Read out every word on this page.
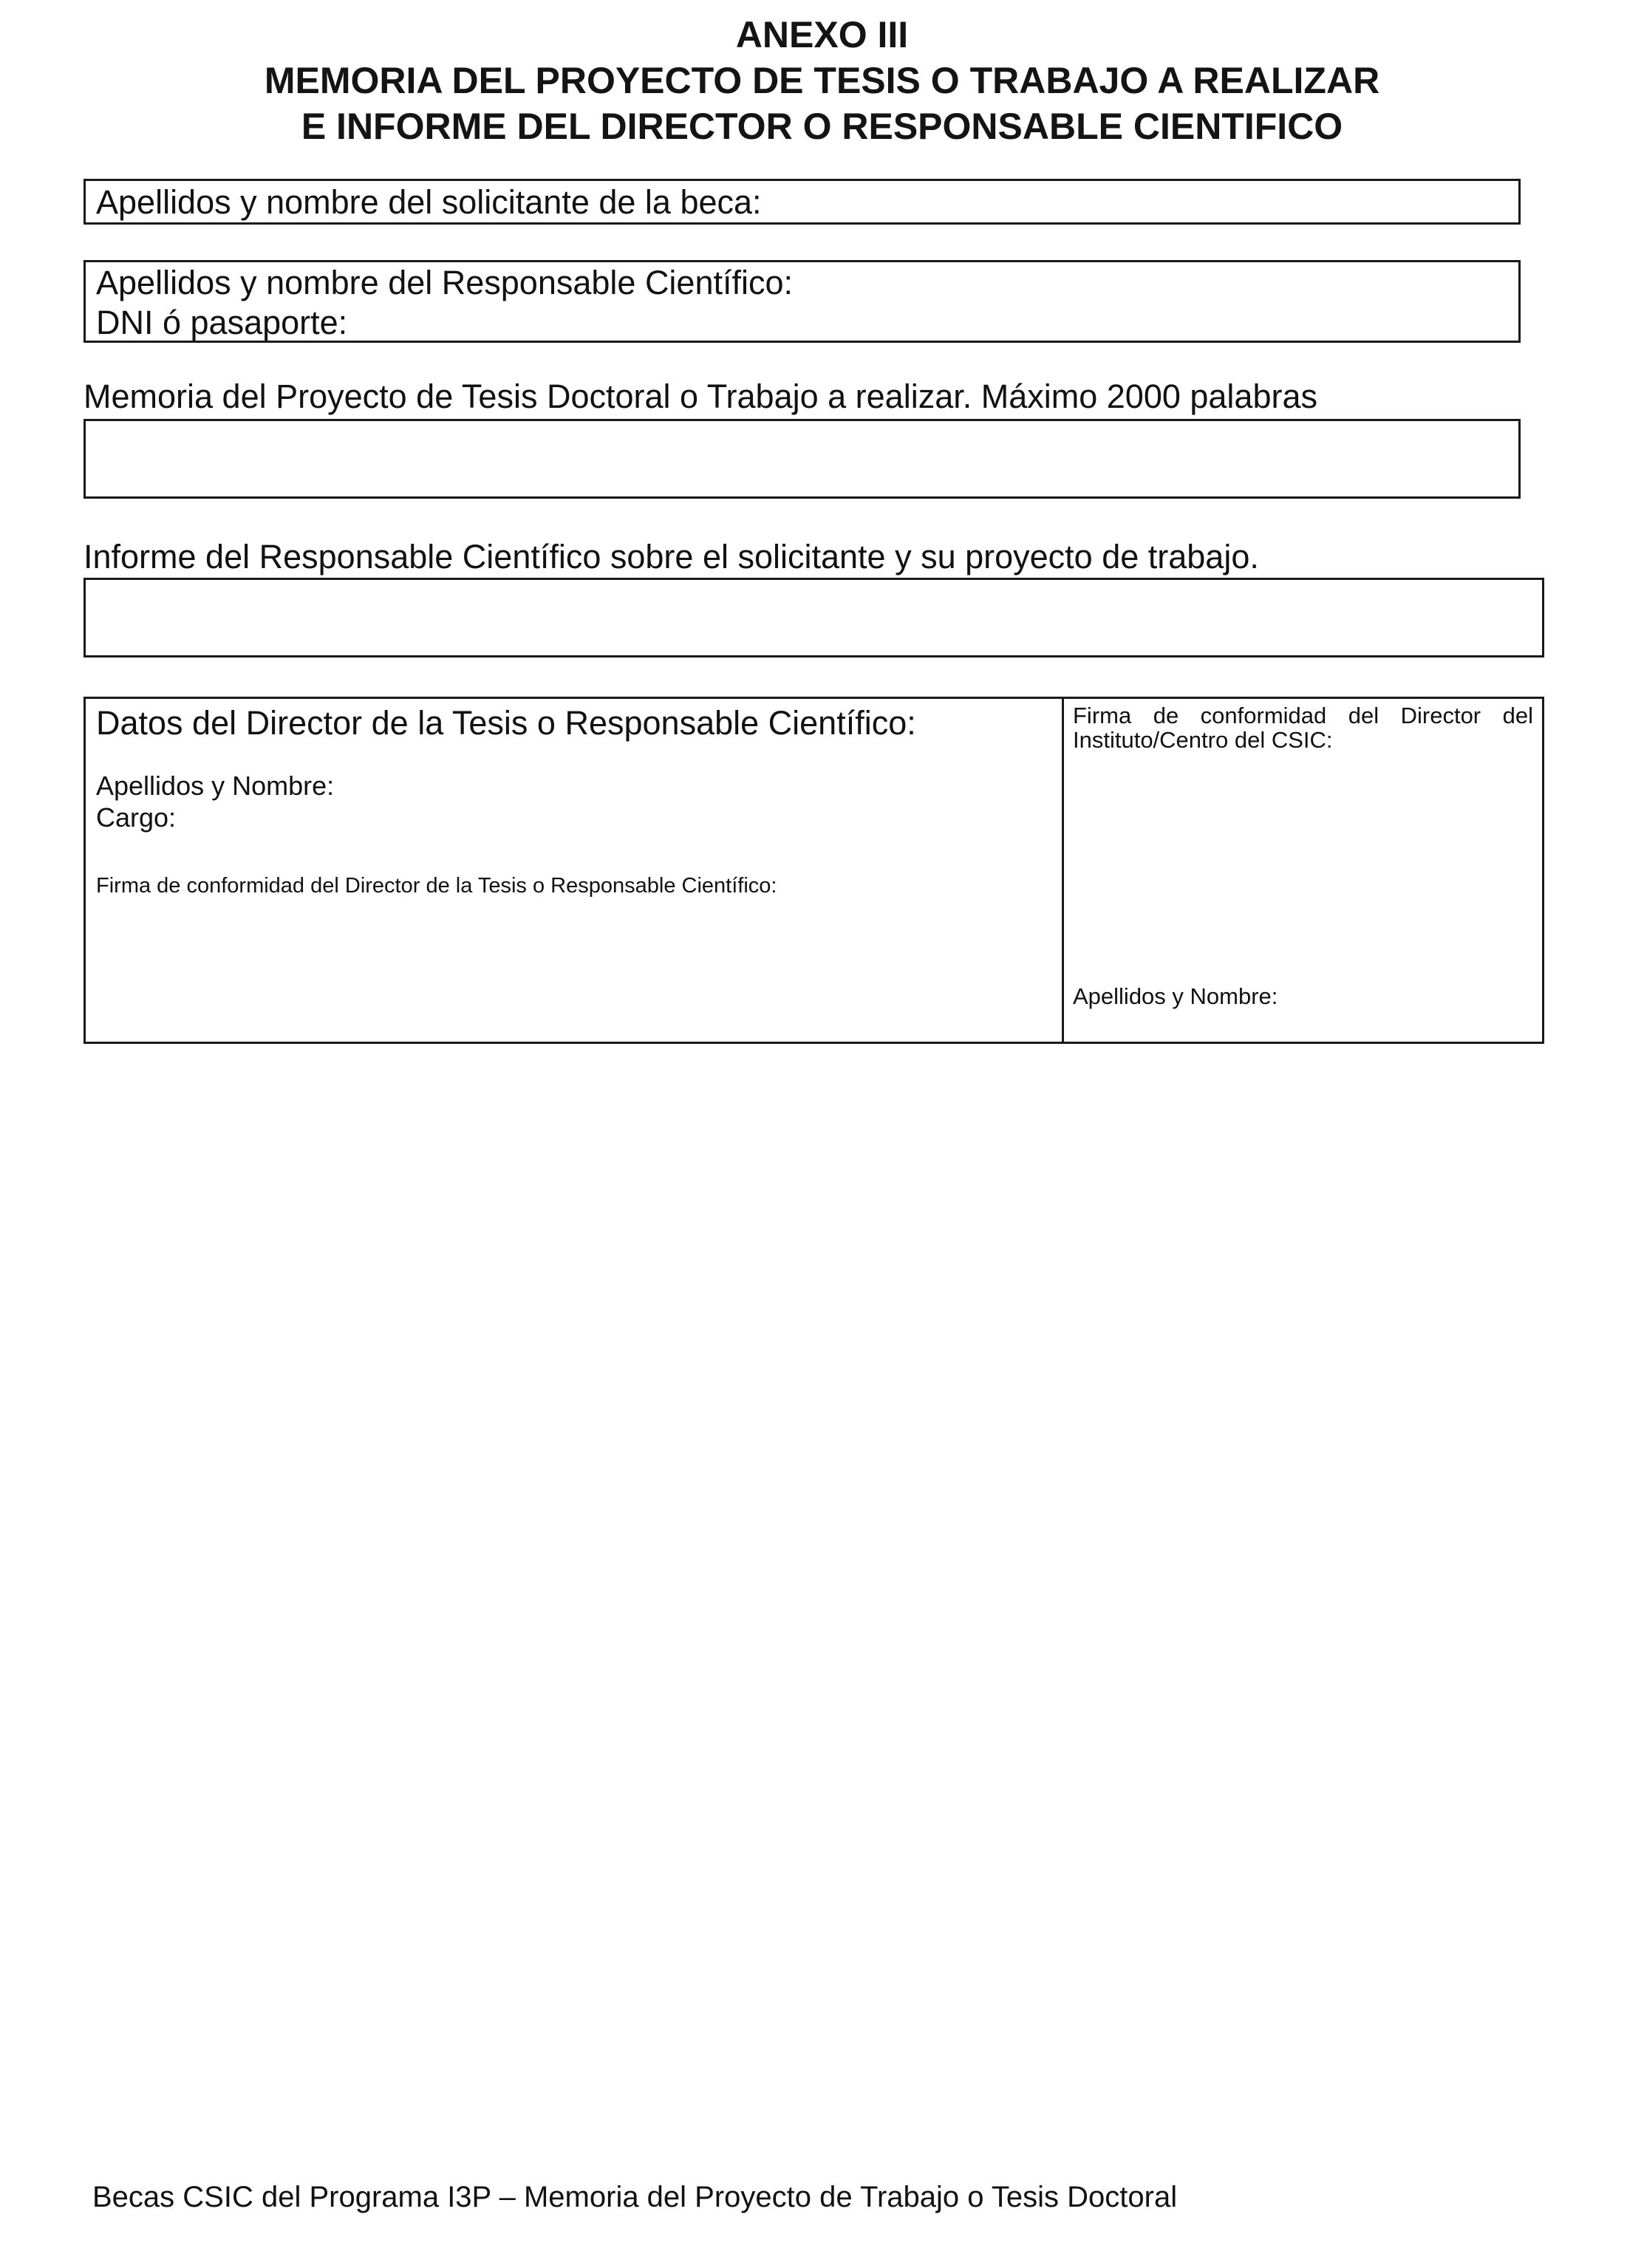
ANEXO III
MEMORIA DEL PROYECTO DE TESIS O TRABAJO A REALIZAR
E INFORME DEL DIRECTOR O RESPONSABLE CIENTIFICO
Apellidos y nombre del solicitante de la beca:
Apellidos y nombre del Responsable Científico:
DNI ó pasaporte:
Memoria del Proyecto de Tesis Doctoral o Trabajo a realizar. Máximo 2000 palabras
Informe del Responsable Científico sobre el solicitante y su proyecto de trabajo.
Datos del Director de la Tesis o Responsable Científico:
Apellidos y Nombre:
Cargo:
Firma de conformidad del Director de la Tesis o Responsable Científico:
Firma de conformidad del Director del Instituto/Centro del CSIC:
Apellidos y Nombre:
Becas CSIC del Programa I3P – Memoria del Proyecto de Trabajo o Tesis Doctoral
